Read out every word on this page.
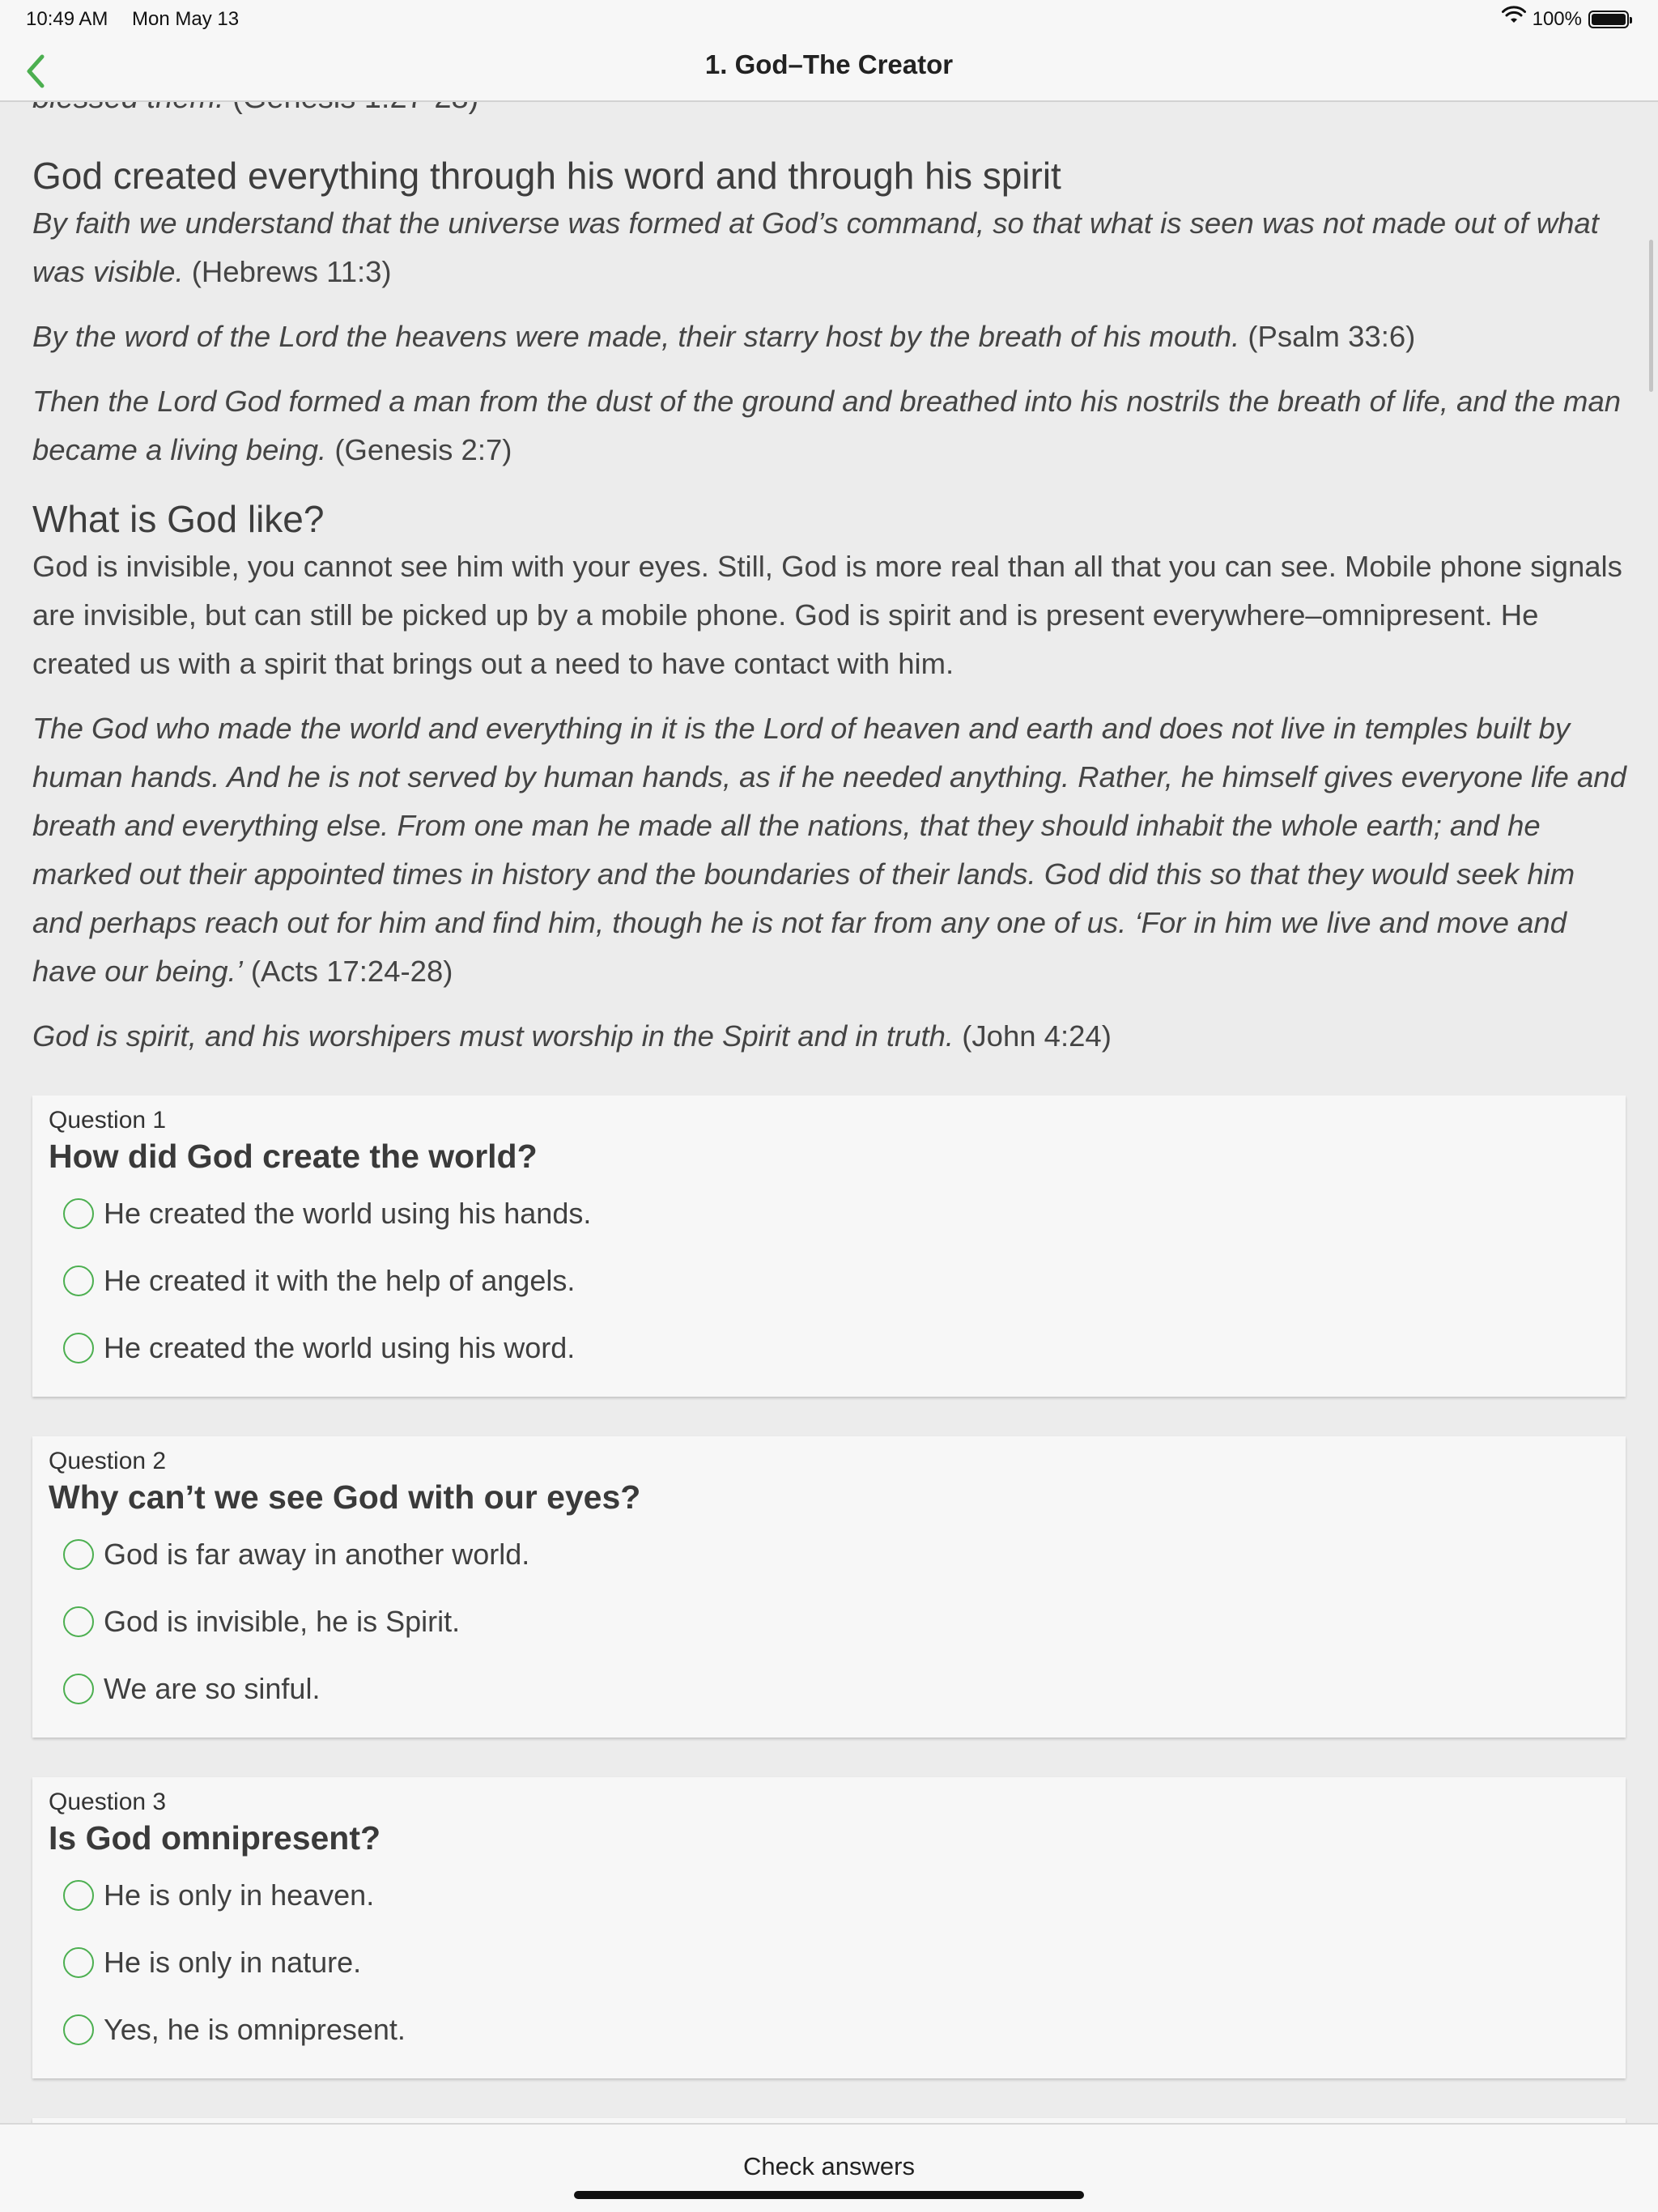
10:49 AM Mon May 13	100%
1. God–The Creator
God created everything through his word and through his spirit
By faith we understand that the universe was formed at God’s command, so that what is seen was not made out of what was visible. (Hebrews 11:3)
By the word of the Lord the heavens were made, their starry host by the breath of his mouth. (Psalm 33:6)
Then the Lord God formed a man from the dust of the ground and breathed into his nostrils the breath of life, and the man became a living being. (Genesis 2:7)
What is God like?
God is invisible, you cannot see him with your eyes. Still, God is more real than all that you can see. Mobile phone signals are invisible, but can still be picked up by a mobile phone. God is spirit and is present everywhere–omnipresent. He created us with a spirit that brings out a need to have contact with him.
The God who made the world and everything in it is the Lord of heaven and earth and does not live in temples built by human hands. And he is not served by human hands, as if he needed anything. Rather, he himself gives everyone life and breath and everything else. From one man he made all the nations, that they should inhabit the whole earth; and he marked out their appointed times in history and the boundaries of their lands. God did this so that they would seek him and perhaps reach out for him and find him, though he is not far from any one of us. ‘For in him we live and move and have our being.’ (Acts 17:24-28)
God is spirit, and his worshipers must worship in the Spirit and in truth. (John 4:24)
Question 1
How did God create the world?
He created the world using his hands.
He created it with the help of angels.
He created the world using his word.
Question 2
Why can’t we see God with our eyes?
God is far away in another world.
God is invisible, he is Spirit.
We are so sinful.
Question 3
Is God omnipresent?
He is only in heaven.
He is only in nature.
Yes, he is omnipresent.
Check answers
